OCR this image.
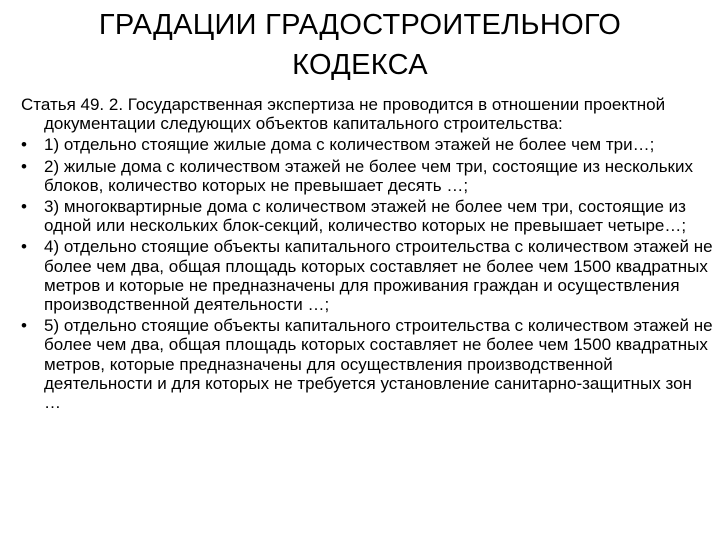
ГРАДАЦИИ ГРАДОСТРОИТЕЛЬНОГО
КОДЕКСА

Статья 49. 2. Государственная экспертиза не проводится в отношении проектной документации следующих объектов капитального строительства:

•	1) отдельно стоящие жилые дома с количеством этажей не более чем три…;
•	2) жилые дома с количеством этажей не более чем три, состоящие из нескольких блоков, количество которых не превышает десять …;
•	3) многоквартирные дома с количеством этажей не более чем три, состоящие из одной или нескольких блок-секций, количество которых не превышает четыре…;
•	4) отдельно стоящие объекты капитального строительства с количеством этажей не более чем два, общая площадь которых составляет не более чем 1500 квадратных метров и которые не предназначены для проживания граждан и осуществления производственной деятельности …;
•	5) отдельно стоящие объекты капитального строительства с количеством этажей не более чем два, общая площадь которых составляет не более чем 1500 квадратных метров, которые предназначены для осуществления производственной деятельности и для которых не требуется установление санитарно-защитных зон …
